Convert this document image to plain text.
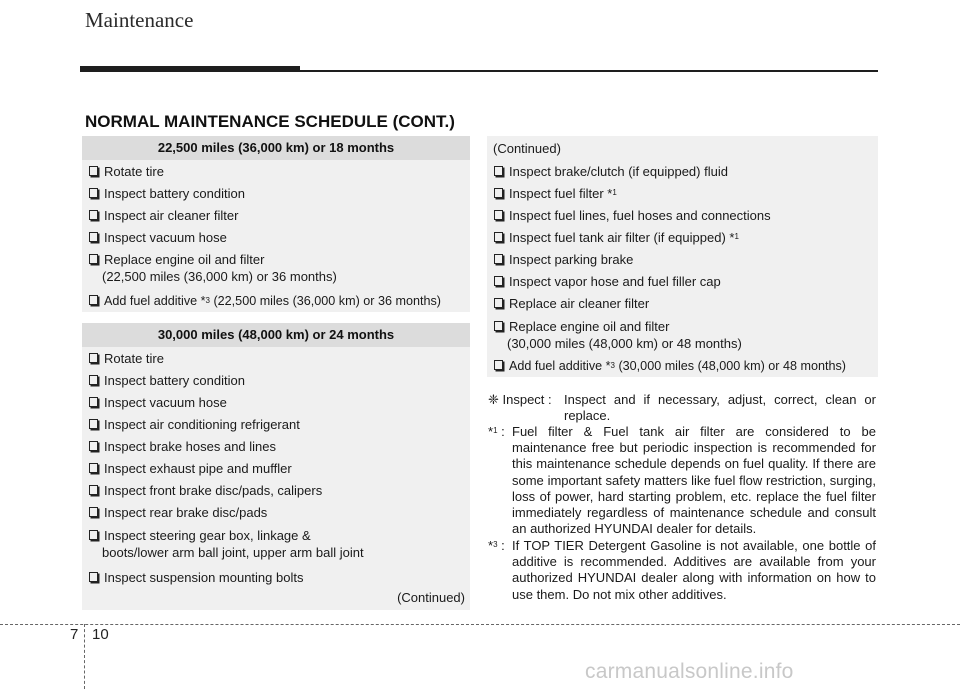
Maintenance
NORMAL MAINTENANCE SCHEDULE (CONT.)
22,500 miles (36,000 km) or 18 months
Rotate tire
Inspect battery condition
Inspect air cleaner filter
Inspect vacuum hose
Replace engine oil and filter
(22,500 miles (36,000 km) or 36 months)
Add fuel additive *$^3$ (22,500 miles (36,000 km) or 36 months)
30,000 miles (48,000 km) or 24 months
Rotate tire
Inspect battery condition
Inspect vacuum hose
Inspect air conditioning refrigerant
Inspect brake hoses and lines
Inspect exhaust pipe and muffler
Inspect front brake disc/pads, calipers
Inspect rear brake disc/pads
Inspect steering gear box, linkage &
boots/lower arm ball joint, upper arm ball joint
Inspect suspension mounting bolts
(Continued)
(Continued)
Inspect brake/clutch (if equipped) fluid
Inspect fuel filter *$^1$
Inspect fuel lines, fuel hoses and connections
Inspect fuel tank air filter (if equipped) *$^1$
Inspect parking brake
Inspect vapor hose and fuel filler cap
Replace air cleaner filter
Replace engine oil and filter
(30,000 miles (48,000 km) or 48 months)
Add fuel additive *$^3$ (30,000 miles (48,000 km) or 48 months)
❈ Inspect : Inspect and if necessary, adjust, correct, clean or replace.
*$^1$ : Fuel filter & Fuel tank air filter are considered to be maintenance free but periodic inspection is recommended for this maintenance schedule depends on fuel quality. If there are some important safety matters like fuel flow restriction, surging, loss of power, hard starting problem, etc. replace the fuel filter immediately regardless of maintenance schedule and consult an authorized HYUNDAI dealer for details.
*$^3$ : If TOP TIER Detergent Gasoline is not available, one bottle of additive is recommended. Additives are available from your authorized HYUNDAI dealer along with information on how to use them. Do not mix other additives.
7 10
carmanualsonline.info
